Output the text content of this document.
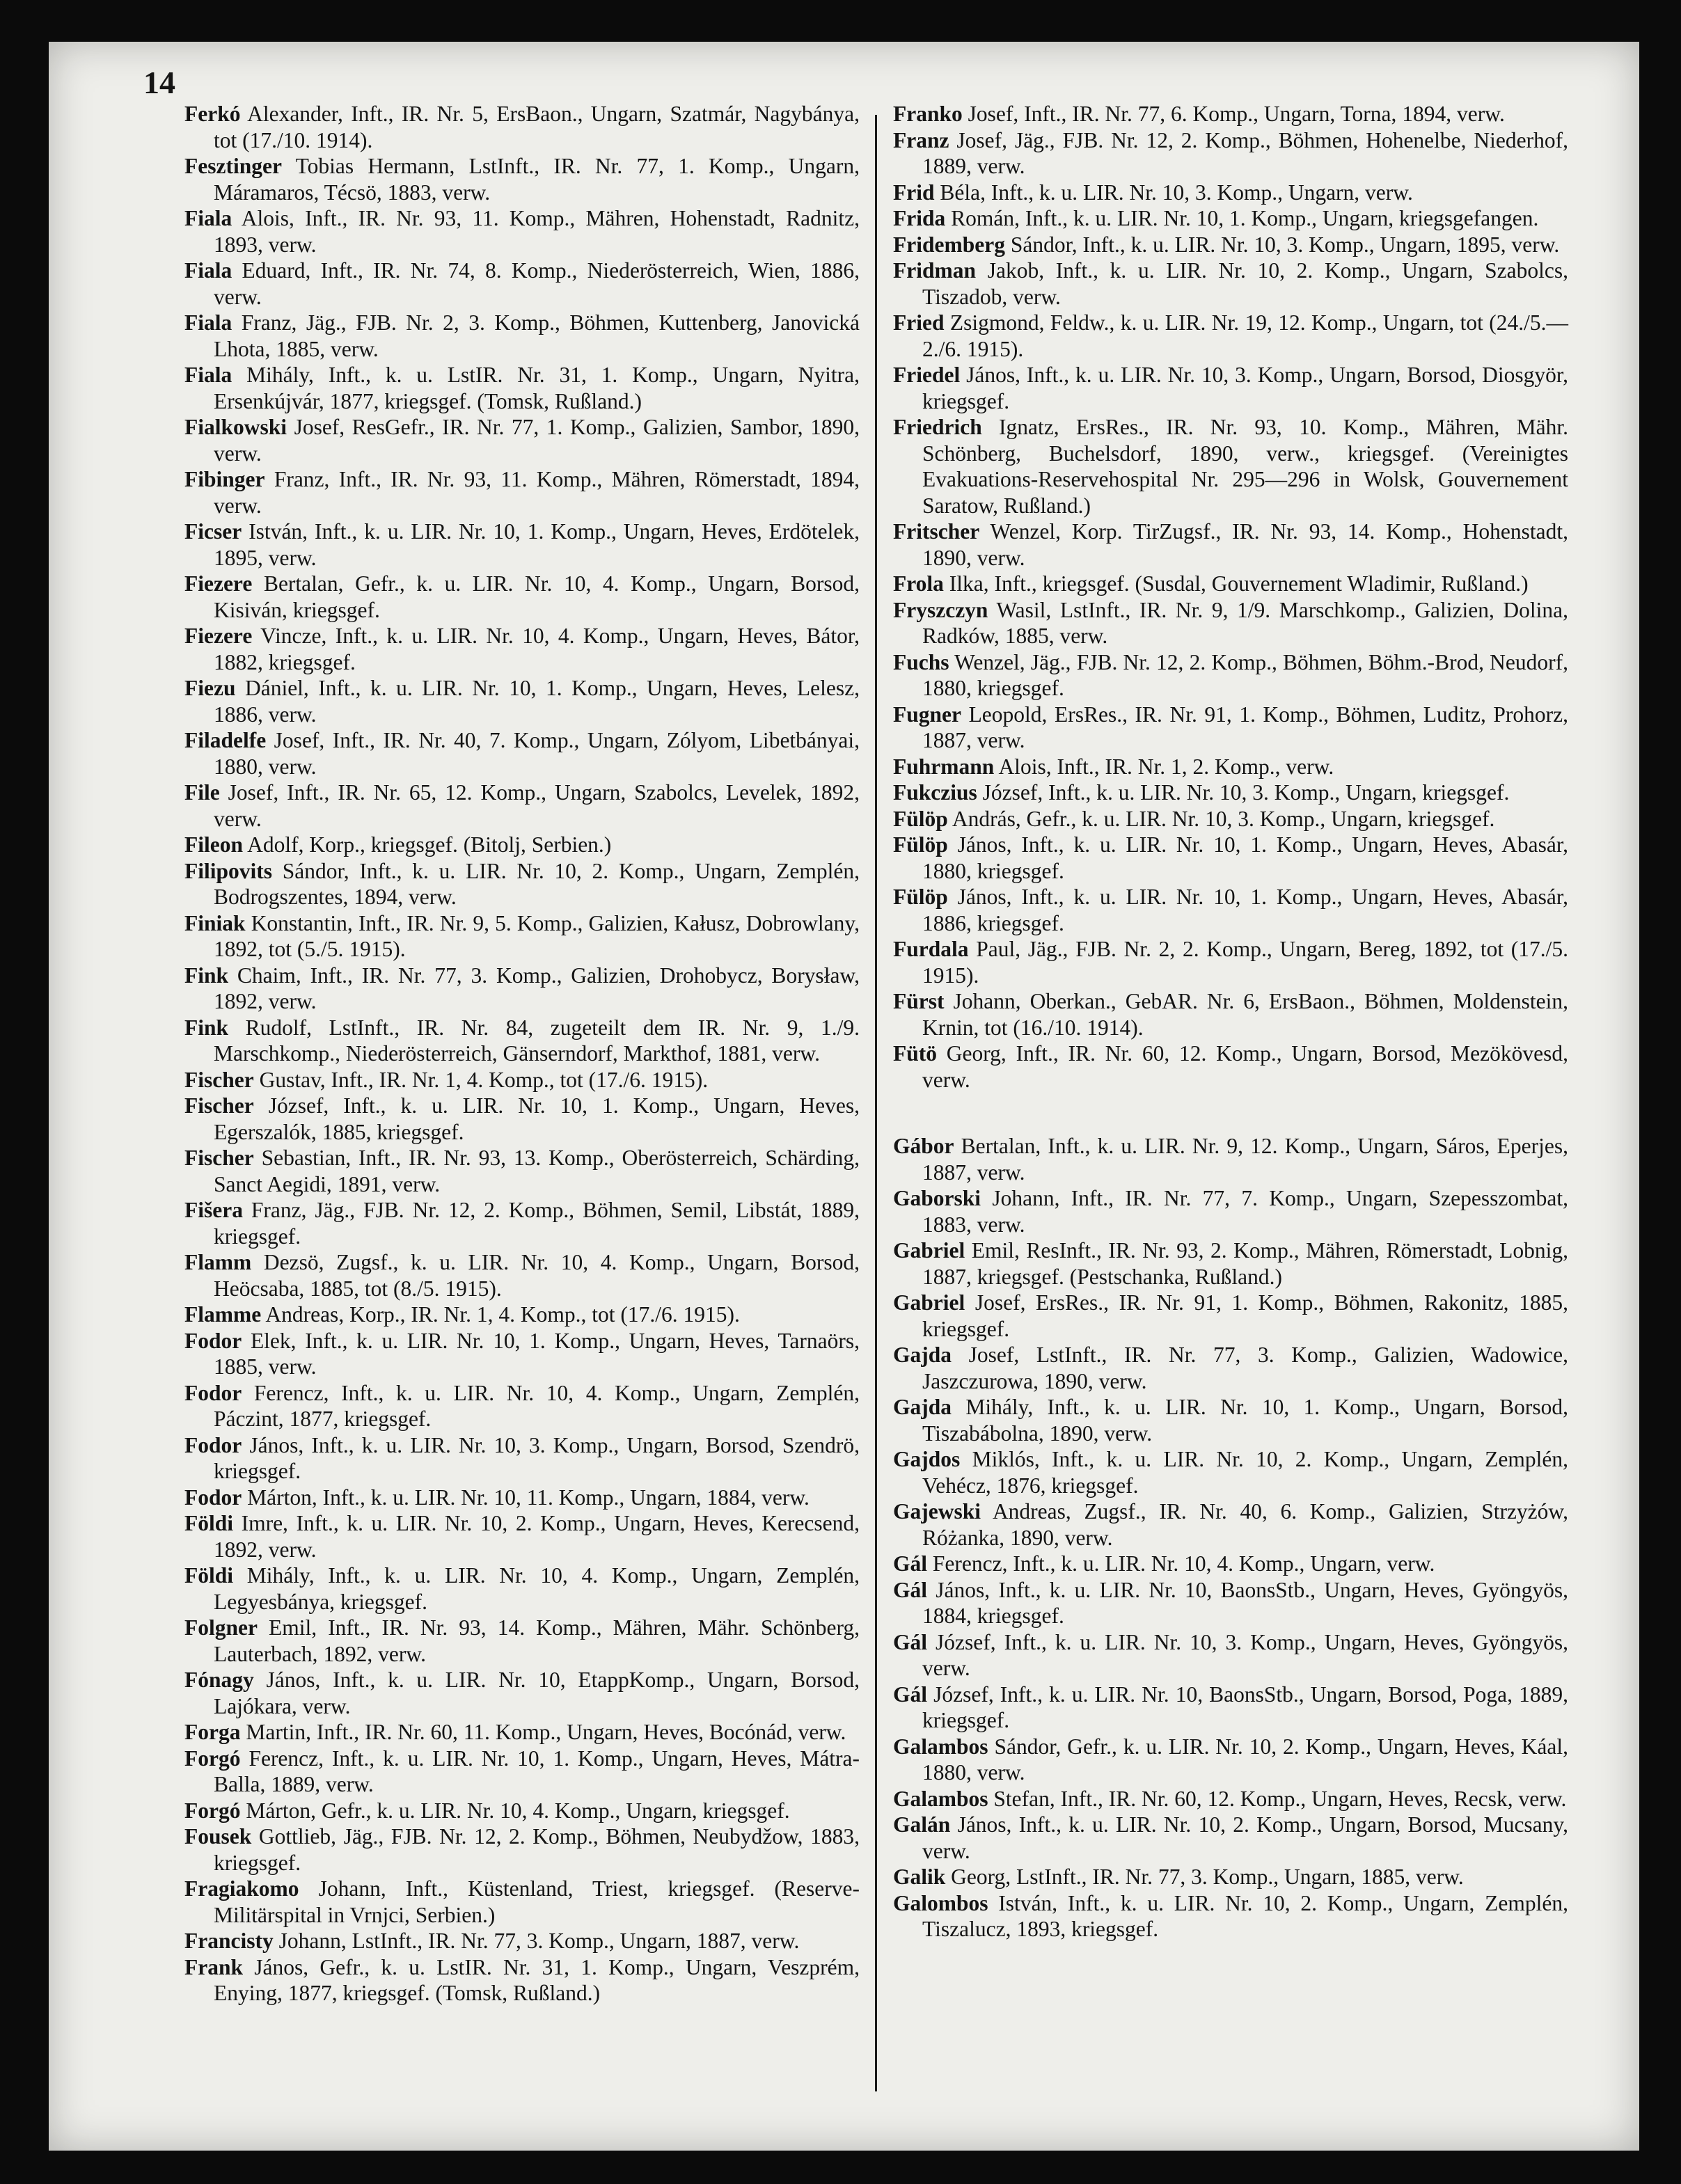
14

Ferkó Alexander, Inft., IR. Nr. 5, ErsBaon., Ungarn, Szatmár, Nagybánya, tot (17./10. 1914).

Fesztinger Tobias Hermann, LstInft., IR. Nr. 77, 1. Komp., Ungarn, Máramaros, Técsö, 1883, verw.

Fiala Alois, Inft., IR. Nr. 93, 11. Komp., Mähren, Hohenstadt, Radnitz, 1893, verw.

Fiala Eduard, Inft., IR. Nr. 74, 8. Komp., Niederösterreich, Wien, 1886, verw.

Fiala Franz, Jäg., FJB. Nr. 2, 3. Komp., Böhmen, Kuttenberg, Janovická Lhota, 1885, verw.

Fiala Mihály, Inft., k. u. LstIR. Nr. 31, 1. Komp., Ungarn, Nyitra, Ersenkújvár, 1877, kriegsgef. (Tomsk, Rußland.)

Fialkowski Josef, ResGefr., IR. Nr. 77, 1. Komp., Galizien, Sambor, 1890, verw.

Fibinger Franz, Inft., IR. Nr. 93, 11. Komp., Mähren, Römerstadt, 1894, verw.

Ficser István, Inft., k. u. LIR. Nr. 10, 1. Komp., Ungarn, Heves, Erdötelek, 1895, verw.

Fiezere Bertalan, Gefr., k. u. LIR. Nr. 10, 4. Komp., Ungarn, Borsod, Kisiván, kriegsgef.

Fiezere Vincze, Inft., k. u. LIR. Nr. 10, 4. Komp., Ungarn, Heves, Bátor, 1882, kriegsgef.

Fiezu Dániel, Inft., k. u. LIR. Nr. 10, 1. Komp., Ungarn, Heves, Lelesz, 1886, verw.

Filadelfe Josef, Inft., IR. Nr. 40, 7. Komp., Ungarn, Zólyom, Libetbányai, 1880, verw.

File Josef, Inft., IR. Nr. 65, 12. Komp., Ungarn, Szabolcs, Levelek, 1892, verw.

Fileon Adolf, Korp., kriegsgef. (Bitolj, Serbien.)

Filipovits Sándor, Inft., k. u. LIR. Nr. 10, 2. Komp., Ungarn, Zemplén, Bodrogszentes, 1894, verw.

Finiak Konstantin, Inft., IR. Nr. 9, 5. Komp., Galizien, Kałusz, Dobrowlany, 1892, tot (5./5. 1915).

Fink Chaim, Inft., IR. Nr. 77, 3. Komp., Galizien, Drohobycz, Borysław, 1892, verw.

Fink Rudolf, LstInft., IR. Nr. 84, zugeteilt dem IR. Nr. 9, 1./9. Marschkomp., Niederösterreich, Gänserndorf, Markthof, 1881, verw.

Fischer Gustav, Inft., IR. Nr. 1, 4. Komp., tot (17./6. 1915).

Fischer József, Inft., k. u. LIR. Nr. 10, 1. Komp., Ungarn, Heves, Egerszalók, 1885, kriegsgef.

Fischer Sebastian, Inft., IR. Nr. 93, 13. Komp., Oberösterreich, Schärding, Sanct Aegidi, 1891, verw.

Fišera Franz, Jäg., FJB. Nr. 12, 2. Komp., Böhmen, Semil, Libstát, 1889, kriegsgef.

Flamm Dezsö, Zugsf., k. u. LIR. Nr. 10, 4. Komp., Ungarn, Borsod, Heöcsaba, 1885, tot (8./5. 1915).

Flamme Andreas, Korp., IR. Nr. 1, 4. Komp., tot (17./6. 1915).

Fodor Elek, Inft., k. u. LIR. Nr. 10, 1. Komp., Ungarn, Heves, Tarnaörs, 1885, verw.

Fodor Ferencz, Inft., k. u. LIR. Nr. 10, 4. Komp., Ungarn, Zemplén, Páczint, 1877, kriegsgef.

Fodor János, Inft., k. u. LIR. Nr. 10, 3. Komp., Ungarn, Borsod, Szendrö, kriegsgef.

Fodor Márton, Inft., k. u. LIR. Nr. 10, 11. Komp., Ungarn, 1884, verw.

Földi Imre, Inft., k. u. LIR. Nr. 10, 2. Komp., Ungarn, Heves, Kerecsend, 1892, verw.

Földi Mihály, Inft., k. u. LIR. Nr. 10, 4. Komp., Ungarn, Zemplén, Legyesbánya, kriegsgef.

Folgner Emil, Inft., IR. Nr. 93, 14. Komp., Mähren, Mähr. Schönberg, Lauterbach, 1892, verw.

Fónagy János, Inft., k. u. LIR. Nr. 10, EtappKomp., Ungarn, Borsod, Lajókara, verw.

Forga Martin, Inft., IR. Nr. 60, 11. Komp., Ungarn, Heves, Bocónád, verw.

Forgó Ferencz, Inft., k. u. LIR. Nr. 10, 1. Komp., Ungarn, Heves, Mátra-Balla, 1889, verw.

Forgó Márton, Gefr., k. u. LIR. Nr. 10, 4. Komp., Ungarn, kriegsgef.

Fousek Gottlieb, Jäg., FJB. Nr. 12, 2. Komp., Böhmen, Neubydžow, 1883, kriegsgef.

Fragiakomo Johann, Inft., Küstenland, Triest, kriegsgef. (Reserve-Militärspital in Vrnjci, Serbien.)

Francisty Johann, LstInft., IR. Nr. 77, 3. Komp., Ungarn, 1887, verw.

Frank János, Gefr., k. u. LstIR. Nr. 31, 1. Komp., Ungarn, Veszprém, Enying, 1877, kriegsgef. (Tomsk, Rußland.)

Franko Josef, Inft., IR. Nr. 77, 6. Komp., Ungarn, Torna, 1894, verw.

Franz Josef, Jäg., FJB. Nr. 12, 2. Komp., Böhmen, Hohenelbe, Niederhof, 1889, verw.

Frid Béla, Inft., k. u. LIR. Nr. 10, 3. Komp., Ungarn, verw.

Frida Román, Inft., k. u. LIR. Nr. 10, 1. Komp., Ungarn, kriegsgefangen.

Fridemberg Sándor, Inft., k. u. LIR. Nr. 10, 3. Komp., Ungarn, 1895, verw.

Fridman Jakob, Inft., k. u. LIR. Nr. 10, 2. Komp., Ungarn, Szabolcs, Tiszadob, verw.

Fried Zsigmond, Feldw., k. u. LIR. Nr. 19, 12. Komp., Ungarn, tot (24./5.—2./6. 1915).

Friedel János, Inft., k. u. LIR. Nr. 10, 3. Komp., Ungarn, Borsod, Diosgyör, kriegsgef.

Friedrich Ignatz, ErsRes., IR. Nr. 93, 10. Komp., Mähren, Mähr. Schönberg, Buchelsdorf, 1890, verw., kriegsgef. (Vereinigtes Evakuations-Reservehospital Nr. 295—296 in Wolsk, Gouvernement Saratow, Rußland.)

Fritscher Wenzel, Korp. TirZugsf., IR. Nr. 93, 14. Komp., Hohenstadt, 1890, verw.

Frola Ilka, Inft., kriegsgef. (Susdal, Gouvernement Wladimir, Rußland.)

Fryszczyn Wasil, LstInft., IR. Nr. 9, 1/9. Marschkomp., Galizien, Dolina, Radków, 1885, verw.

Fuchs Wenzel, Jäg., FJB. Nr. 12, 2. Komp., Böhmen, Böhm.-Brod, Neudorf, 1880, kriegsgef.

Fugner Leopold, ErsRes., IR. Nr. 91, 1. Komp., Böhmen, Luditz, Prohorz, 1887, verw.

Fuhrmann Alois, Inft., IR. Nr. 1, 2. Komp., verw.

Fukczius József, Inft., k. u. LIR. Nr. 10, 3. Komp., Ungarn, kriegsgef.

Fülöp András, Gefr., k. u. LIR. Nr. 10, 3. Komp., Ungarn, kriegsgef.

Fülöp János, Inft., k. u. LIR. Nr. 10, 1. Komp., Ungarn, Heves, Abasár, 1880, kriegsgef.

Fülöp János, Inft., k. u. LIR. Nr. 10, 1. Komp., Ungarn, Heves, Abasár, 1886, kriegsgef.

Furdala Paul, Jäg., FJB. Nr. 2, 2. Komp., Ungarn, Bereg, 1892, tot (17./5. 1915).

Fürst Johann, Oberkan., GebAR. Nr. 6, ErsBaon., Böhmen, Moldenstein, Krnin, tot (16./10. 1914).

Fütö Georg, Inft., IR. Nr. 60, 12. Komp., Ungarn, Borsod, Mezökövesd, verw.

Gábor Bertalan, Inft., k. u. LIR. Nr. 9, 12. Komp., Ungarn, Sáros, Eperjes, 1887, verw.

Gaborski Johann, Inft., IR. Nr. 77, 7. Komp., Ungarn, Szepesszombat, 1883, verw.

Gabriel Emil, ResInft., IR. Nr. 93, 2. Komp., Mähren, Römerstadt, Lobnig, 1887, kriegsgef. (Pestschanka, Rußland.)

Gabriel Josef, ErsRes., IR. Nr. 91, 1. Komp., Böhmen, Rakonitz, 1885, kriegsgef.

Gajda Josef, LstInft., IR. Nr. 77, 3. Komp., Galizien, Wadowice, Jaszczurowa, 1890, verw.

Gajda Mihály, Inft., k. u. LIR. Nr. 10, 1. Komp., Ungarn, Borsod, Tiszabábolna, 1890, verw.

Gajdos Miklós, Inft., k. u. LIR. Nr. 10, 2. Komp., Ungarn, Zemplén, Vehécz, 1876, kriegsgef.

Gajewski Andreas, Zugsf., IR. Nr. 40, 6. Komp., Galizien, Strzyżów, Różanka, 1890, verw.

Gál Ferencz, Inft., k. u. LIR. Nr. 10, 4. Komp., Ungarn, verw.

Gál János, Inft., k. u. LIR. Nr. 10, BaonsStb., Ungarn, Heves, Gyöngyös, 1884, kriegsgef.

Gál József, Inft., k. u. LIR. Nr. 10, 3. Komp., Ungarn, Heves, Gyöngyös, verw.

Gál József, Inft., k. u. LIR. Nr. 10, BaonsStb., Ungarn, Borsod, Poga, 1889, kriegsgef.

Galambos Sándor, Gefr., k. u. LIR. Nr. 10, 2. Komp., Ungarn, Heves, Káal, 1880, verw.

Galambos Stefan, Inft., IR. Nr. 60, 12. Komp., Ungarn, Heves, Recsk, verw.

Galán János, Inft., k. u. LIR. Nr. 10, 2. Komp., Ungarn, Borsod, Mucsany, verw.

Galik Georg, LstInft., IR. Nr. 77, 3. Komp., Ungarn, 1885, verw.

Galombos István, Inft., k. u. LIR. Nr. 10, 2. Komp., Ungarn, Zemplén, Tiszalucz, 1893, kriegsgef.
